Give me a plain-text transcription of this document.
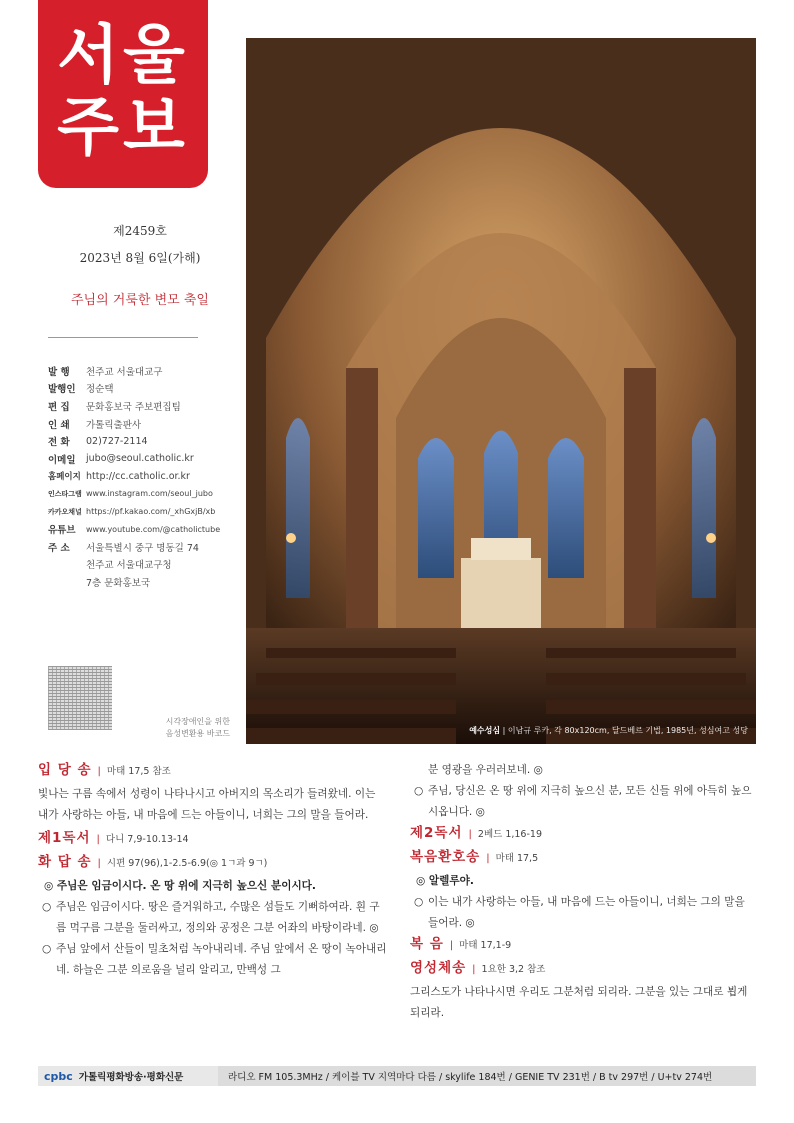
서울
주보
제2459호
2023년 8월 6일(가해)
주님의 거룩한 변모 축일
발 행	천주교 서울대교구
발행인	정순택
편 집	문화홍보국 주보편집팀
인 쇄	가톨릭출판사
전 화	02)727-2114
이메일	jubo@seoul.catholic.kr
홈페이지 http://cc.catholic.or.kr
인스타그램 www.instagram.com/seoul_jubo
카카오채널 https://pf.kakao.com/_xhGxjB/xb
유튜브	www.youtube.com/@catholictube
주 소	서울특별시 중구 명동길 74
천주교 서울대교구청
7층 문화홍보국
시각장애인을 위한
음성변환용 바코드	예수성심 | 이남규 루카, 각 80x120cm, 달드베르 기법, 1985년, 성심여고 성당
입 당 송 | 마태 17,5 참조
빛나는 구름 속에서 성령이 나타나시고 아버지의 목소리가 들려왔네. 이는 내가 사랑하는 아들, 내 마음에 드는 아들이니, 너희는 그의 말을 들어라.
제1독서 | 다니 7,9-10.13-14
화 답 송 | 시편 97(96),1-2.5-6.9(◎ 1ㄱ과 9ㄱ)
◎ 주님은 임금이시다. 온 땅 위에 지극히 높으신 분이시다.
○ 주님은 임금이시다. 땅은 즐거워하고, 수많은 섬들도 기뻐하여라. 흰 구름 먹구름 그분을 둘러싸고, 정의와 공정은 그분 어좌의 바탕이라네. ◎
○ 주님 앞에서 산들이 밀초처럼 녹아내리네. 주님 앞에서 온 땅이 녹아내리네. 하늘은 그분 의로움을 널리 알리고, 만백성 그
분 영광을 우러러보네. ◎
○ 주님, 당신은 온 땅 위에 지극히 높으신 분, 모든 신들 위에 아득히 높으시옵니다. ◎
제2독서 | 2베드 1,16-19
복음환호송 | 마태 17,5
◎ 알렐루야.
○ 이는 내가 사랑하는 아들, 내 마음에 드는 아들이니, 너희는 그의 말을 들어라. ◎
복 음 | 마태 17,1-9
영성체송 | 1요한 3,2 참조
그리스도가 나타나시면 우리도 그분처럼 되리라. 그분을 있는 그대로 뵙게 되리라.
cpbc 가톨릭평화방송·평화신문	라디오 FM 105.3MHz / 케이블 TV 지역마다 다름 / skylife 184번 / GENIE TV 231번 / B tv 297번 / U+tv 274번
